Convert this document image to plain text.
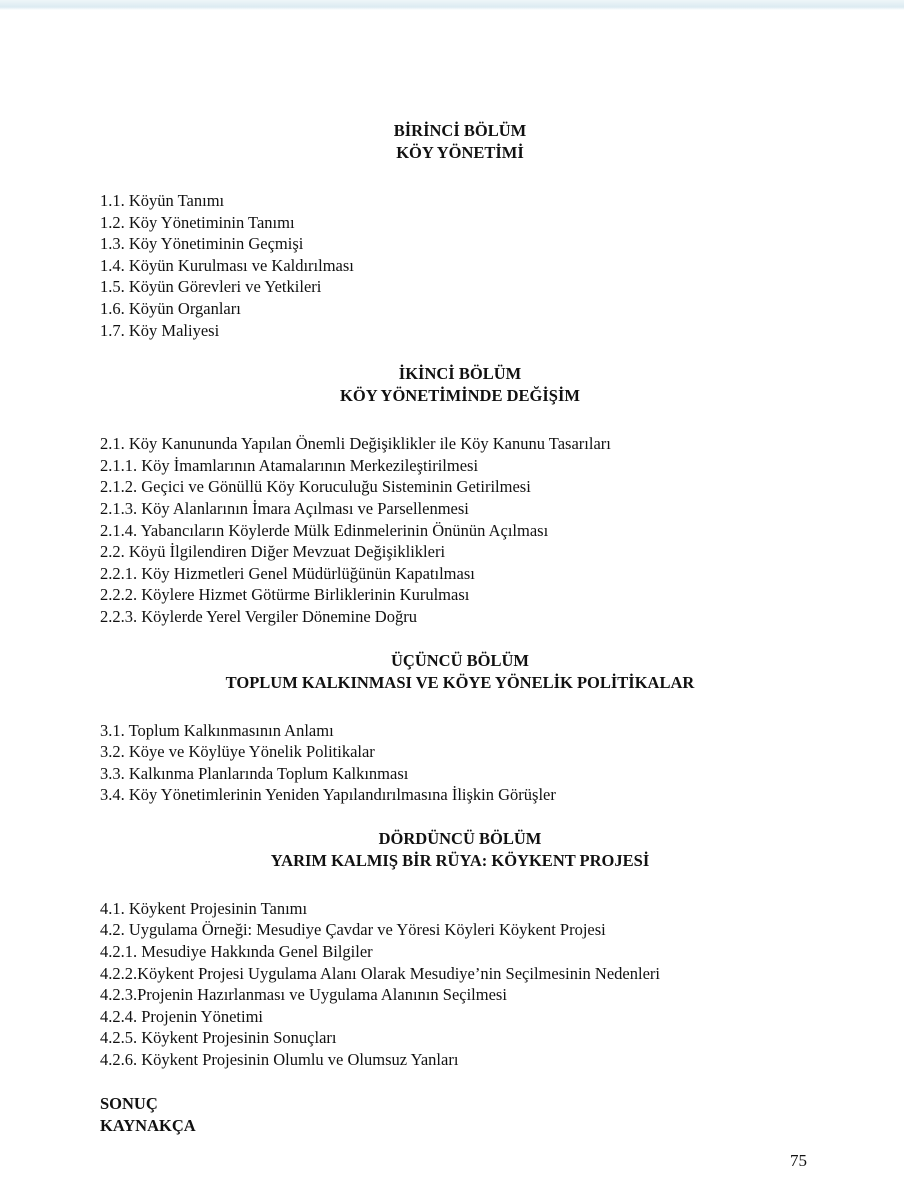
BİRİNCİ BÖLÜM
KÖY YÖNETİMİ
1.1. Köyün Tanımı
1.2. Köy Yönetiminin Tanımı
1.3. Köy Yönetiminin Geçmişi
1.4. Köyün Kurulması ve Kaldırılması
1.5. Köyün Görevleri ve Yetkileri
1.6. Köyün Organları
1.7. Köy Maliyesi
İKİNCİ BÖLÜM
KÖY YÖNETİMİNDE DEĞİŞİM
2.1. Köy Kanununda Yapılan Önemli Değişiklikler ile Köy Kanunu Tasarıları
2.1.1. Köy İmamlarının Atamalarının Merkezileştirilmesi
2.1.2. Geçici ve Gönüllü Köy Koruculuğu Sisteminin Getirilmesi
2.1.3. Köy Alanlarının İmara Açılması ve Parsellenmesi
2.1.4. Yabancıların Köylerde Mülk Edinmelerinin Önünün Açılması
2.2. Köyü İlgilendiren Diğer Mevzuat Değişiklikleri
2.2.1. Köy Hizmetleri Genel Müdürlüğünün Kapatılması
2.2.2. Köylere Hizmet Götürme Birliklerinin Kurulması
2.2.3. Köylerde Yerel Vergiler Dönemine Doğru
ÜÇÜNCÜ BÖLÜM
TOPLUM KALKINMASI VE KÖYE YÖNELİK POLİTİKALAR
3.1. Toplum Kalkınmasının Anlamı
3.2. Köye ve Köylüye Yönelik Politikalar
3.3. Kalkınma Planlarında Toplum Kalkınması
3.4. Köy Yönetimlerinin Yeniden Yapılandırılmasına İlişkin Görüşler
DÖRDÜNCÜ BÖLÜM
YARIM KALMIŞ BİR RÜYA: KÖYKENT PROJESİ
4.1. Köykent Projesinin Tanımı
4.2. Uygulama Örneği: Mesudiye Çavdar ve Yöresi Köyleri Köykent Projesi
4.2.1. Mesudiye Hakkında Genel Bilgiler
4.2.2.Köykent Projesi Uygulama Alanı Olarak Mesudiye’nin Seçilmesinin Nedenleri
4.2.3.Projenin Hazırlanması ve Uygulama Alanının Seçilmesi
4.2.4. Projenin Yönetimi
4.2.5. Köykent Projesinin Sonuçları
4.2.6. Köykent Projesinin Olumlu ve Olumsuz Yanları
SONUÇ
KAYNAKÇA
75
